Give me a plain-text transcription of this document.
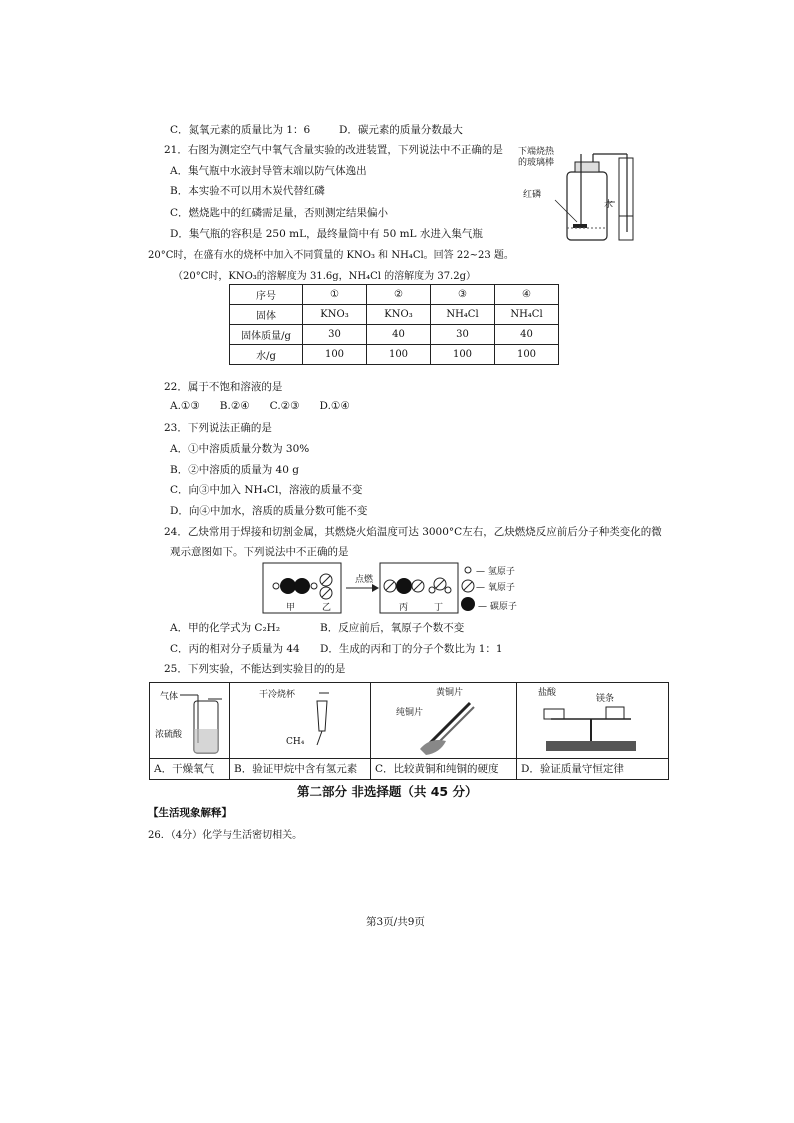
C．氮氧元素的质量比为 1：6	D．碳元素的质量分数最大
21．右图为测定空气中氧气含量实验的改进装置，下列说法中不正确的是
A．集气瓶中水液封导管末端以防气体逸出
B．本实验不可以用木炭代替红磷
C．燃烧匙中的红磷需足量，否则测定结果偏小
D．集气瓶的容积是 250 mL，最终量筒中有 50 mL 水进入集气瓶
下端烧热
的玻璃棒
红磷
水
20°C时，在盛有水的烧杯中加入不同質量的 KNO₃ 和 NH₄Cl。回答 22~23 题。
（20°C时，KNO₃的溶解度为 31.6g，NH₄Cl 的溶解度为 37.2g）
序号	①	②	③	④
固体	KNO₃	KNO₃	NH₄Cl	NH₄Cl
固体质量/g	30	40	30	40
水/g	100	100	100	100
22．属于不饱和溶液的是
A.①③      B.②④      C.②③      D.①④
23．下列说法正确的是
A．①中溶质质量分数为 30%
B．②中溶质的质量为 40 g
C．向③中加入 NH₄Cl，溶液的质量不变
D．向④中加水，溶质的质量分数可能不变
24．乙炔常用于焊接和切割金属，其燃烧火焰温度可达 3000°C左右，乙炔燃烧反应前后分子种类变化的微
观示意图如下。下列说法中不正确的是
点燃
甲	乙	丙	丁
— 氢原子
— 氧原子
— 碳原子
A．甲的化学式为 C₂H₂	B．反应前后，氧原子个数不变
C．丙的相对分子质量为 44 D．生成的丙和丁的分子个数比为 1：1
25．下列实验，不能达到实验目的的是
气体
浓硫酸
干冷烧杯
CH₄
黄铜片
纯铜片
盐酸
镁条
A．干燥氧气 B．验证甲烷中含有氢元素 C．比较黄铜和纯铜的硬度 D．验证质量守恒定律
第二部分 非选择题（共 45 分）
【生活现象解释】
26．（4分）化学与生活密切相关。
第3页/共9页
